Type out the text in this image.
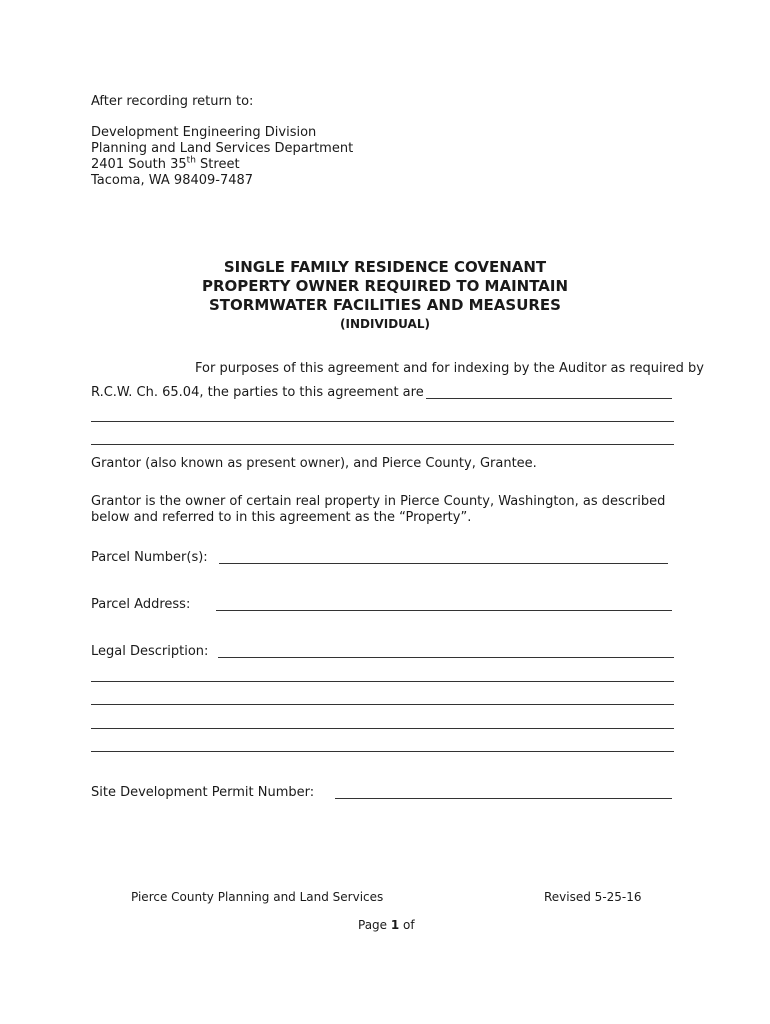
After recording return to:
Development Engineering Division
Planning and Land Services Department
2401 South 35th Street
Tacoma, WA 98409-7487
SINGLE FAMILY RESIDENCE COVENANT
PROPERTY OWNER REQUIRED TO MAINTAIN
STORMWATER FACILITIES AND MEASURES
(INDIVIDUAL)
For purposes of this agreement and for indexing by the Auditor as required by
R.C.W. Ch. 65.04, the parties to this agreement are
Grantor (also known as present owner), and Pierce County, Grantee.
Grantor is the owner of certain real property in Pierce County, Washington, as described
below and referred to in this agreement as the “Property”.
Parcel Number(s):
Parcel Address:
Legal Description:
Site Development Permit Number:
Pierce County Planning and Land Services	Revised 5-25-16
Page 1 of
